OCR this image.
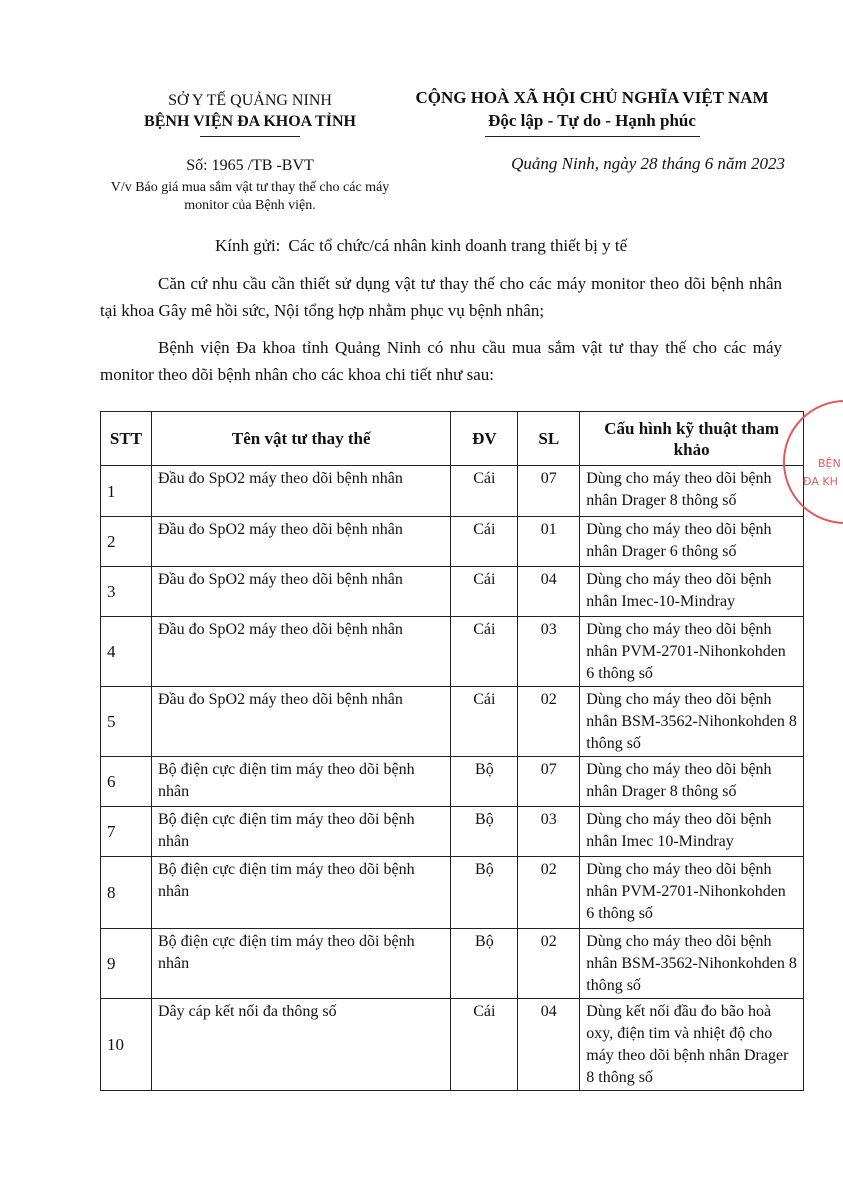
SỞ Y TẾ QUẢNG NINH
BỆNH VIỆN ĐA KHOA TỈNH
CỘNG HOÀ XÃ HỘI CHỦ NGHĨA VIỆT NAM
Độc lập - Tự do - Hạnh phúc
Số: 1965 /TB -BVT
V/v Báo giá mua sắm vật tư thay thế cho các máy monitor của Bệnh viện.
Quảng Ninh, ngày 28 tháng 6 năm 2023
Kính gửi: Các tổ chức/cá nhân kinh doanh trang thiết bị y tế
Căn cứ nhu cầu cần thiết sử dụng vật tư thay thế cho các máy monitor theo dõi bệnh nhân tại khoa Gây mê hồi sức, Nội tổng hợp nhằm phục vụ bệnh nhân;
Bệnh viện Đa khoa tỉnh Quảng Ninh có nhu cầu mua sắm vật tư thay thế cho các máy monitor theo dõi bệnh nhân cho các khoa chi tiết như sau:
STT	Tên vật tư thay thế	ĐV	SL	Cấu hình kỹ thuật tham khảo
1	Đầu đo SpO2 máy theo dõi bệnh nhân	Cái	07	Dùng cho máy theo dõi bệnh nhân Drager 8 thông số
2	Đầu đo SpO2 máy theo dõi bệnh nhân	Cái	01	Dùng cho máy theo dõi bệnh nhân Drager 6 thông số
3	Đầu đo SpO2 máy theo dõi bệnh nhân	Cái	04	Dùng cho máy theo dõi bệnh nhân Imec-10-Mindray
4	Đầu đo SpO2 máy theo dõi bệnh nhân	Cái	03	Dùng cho máy theo dõi bệnh nhân PVM-2701-Nihonkohden 6 thông số
5	Đầu đo SpO2 máy theo dõi bệnh nhân	Cái	02	Dùng cho máy theo dõi bệnh nhân BSM-3562-Nihonkohden 8 thông số
6	Bộ điện cực điện tim máy theo dõi bệnh nhân	Bộ	07	Dùng cho máy theo dõi bệnh nhân Drager 8 thông số
7	Bộ điện cực điện tim máy theo dõi bệnh nhân	Bộ	03	Dùng cho máy theo dõi bệnh nhân Imec 10-Mindray
8	Bộ điện cực điện tim máy theo dõi bệnh nhân	Bộ	02	Dùng cho máy theo dõi bệnh nhân PVM-2701-Nihonkohden 6 thông số
9	Bộ điện cực điện tim máy theo dõi bệnh nhân	Bộ	02	Dùng cho máy theo dõi bệnh nhân BSM-3562-Nihonkohden 8 thông số
10	Dây cáp kết nối đa thông số	Cái	04	Dùng kết nối đầu đo bão hoà oxy, điện tim và nhiệt độ cho máy theo dõi bệnh nhân Drager 8 thông số
BỆN
ĐA KH
